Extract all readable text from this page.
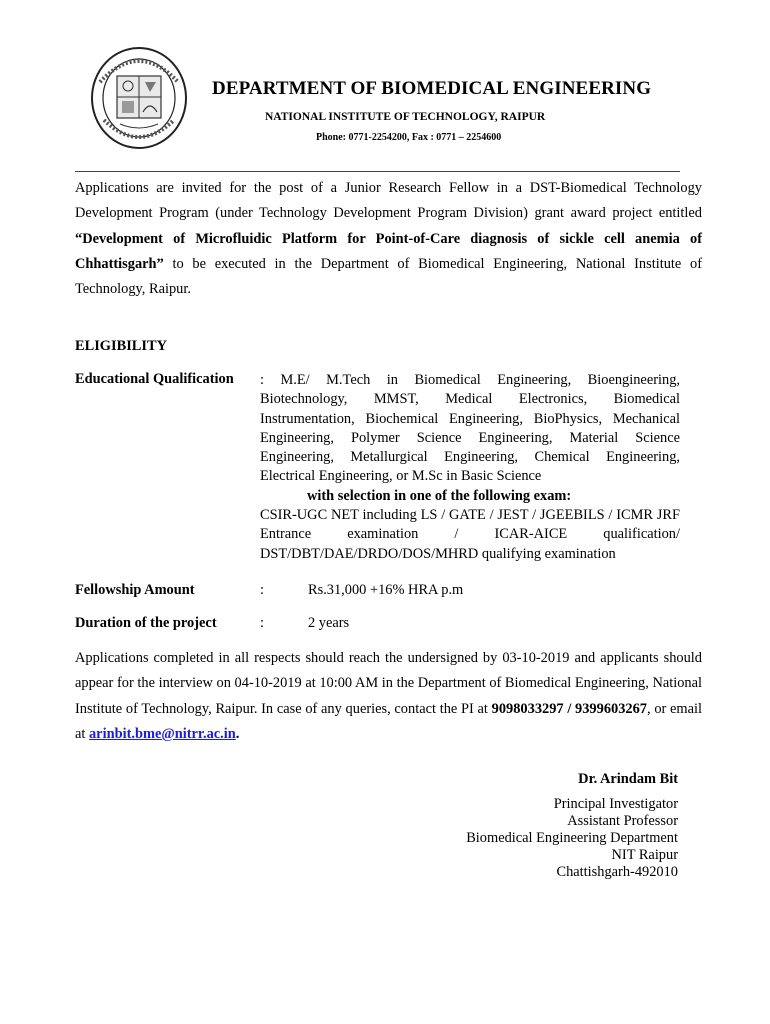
DEPARTMENT OF BIOMEDICAL ENGINEERING
NATIONAL INSTITUTE OF TECHNOLOGY, RAIPUR
Phone: 0771-2254200, Fax : 0771 – 2254600
Applications are invited for the post of a Junior Research Fellow in a DST-Biomedical Technology Development Program (under Technology Development Program Division) grant award project entitled “Development of Microfluidic Platform for Point-of-Care diagnosis of sickle cell anemia of Chhattisgarh” to be executed in the Department of Biomedical Engineering, National Institute of Technology, Raipur.
ELIGIBILITY
Educational Qualification : M.E/ M.Tech in Biomedical Engineering, Bioengineering, Biotechnology, MMST, Medical Electronics, Biomedical Instrumentation, Biochemical Engineering, BioPhysics, Mechanical Engineering, Polymer Science Engineering, Material Science Engineering, Metallurgical Engineering, Chemical Engineering, Electrical Engineering, or M.Sc in Basic Science
with selection in one of the following exam:
CSIR-UGC NET including LS / GATE / JEST / JGEEBILS / ICMR JRF Entrance examination / ICAR-AICE qualification/ DST/DBT/DAE/DRDO/DOS/MHRD qualifying examination
Fellowship Amount	:	Rs.31,000 +16% HRA p.m
Duration of the project	:	2 years
Applications completed in all respects should reach the undersigned by 03-10-2019 and applicants should appear for the interview on 04-10-2019 at 10:00 AM in the Department of Biomedical Engineering, National Institute of Technology, Raipur. In case of any queries, contact the PI at 9098033297 / 9399603267, or email at arinbit.bme@nitrr.ac.in.
Dr. Arindam Bit
Principal Investigator
Assistant Professor
Biomedical Engineering Department
NIT Raipur
Chattishgarh-492010
